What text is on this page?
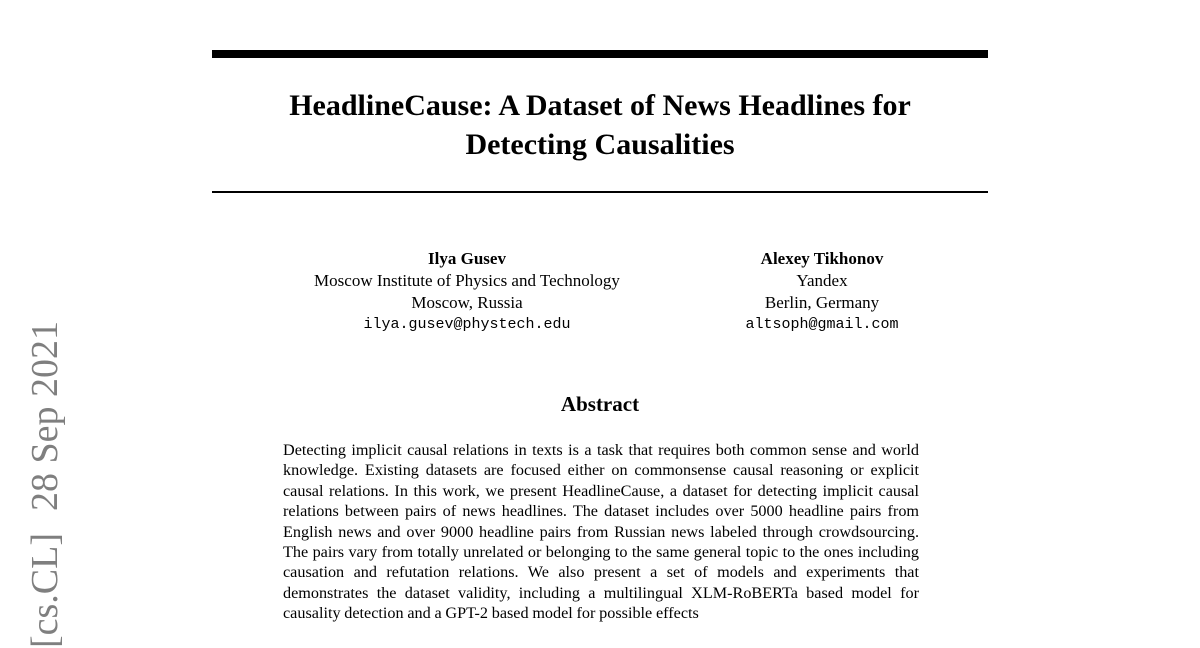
HeadlineCause: A Dataset of News Headlines for
Detecting Causalities
Ilya Gusev
Moscow Institute of Physics and Technology
Moscow, Russia
ilya.gusev@phystech.edu
Alexey Tikhonov
Yandex
Berlin, Germany
altsoph@gmail.com
Abstract

Detecting implicit causal relations in texts is a task that requires both common sense and world knowledge. Existing datasets are focused either on commonsense causal reasoning or explicit causal relations. In this work, we present HeadlineCause, a dataset for detecting implicit causal relations between pairs of news headlines. The dataset includes over 5000 headline pairs from English news and over 9000 headline pairs from Russian news labeled through crowdsourcing. The pairs vary from totally unrelated or belonging to the same general topic to the ones including causation and refutation relations. We also present a set of models and experiments that demonstrates the dataset validity, including a multilingual XLM-RoBERTa based model for causality detection and a GPT-2 based model for possible effects

[cs.CL]28 Sep 2021
